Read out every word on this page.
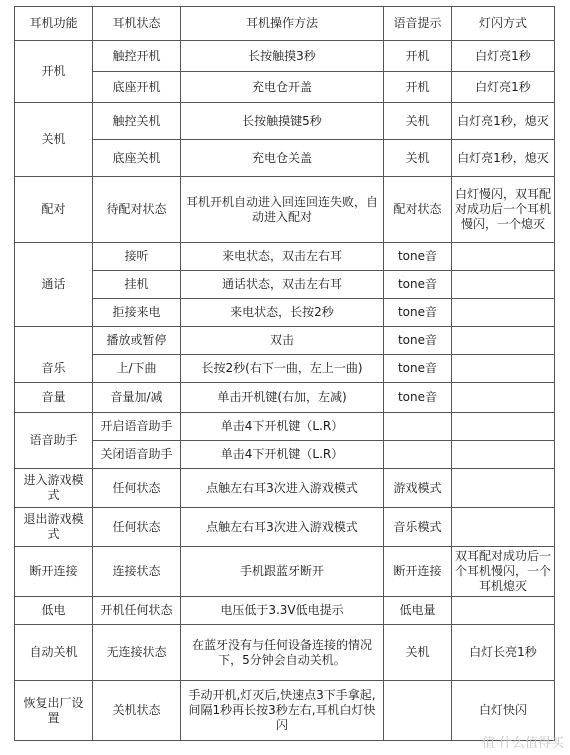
耳机功能	耳机状态	耳机操作方法	语音提示	灯闪方式
开机	触控开机	长按触摸3秒	开机	白灯亮1秒
	底座开机	充电仓开盖	开机	白灯亮1秒
关机	触控关机	长按触摸键5秒	关机	白灯亮1秒，熄灭
	底座关机	充电仓关盖	关机	白灯亮1秒，熄灭
配对	待配对状态	耳机开机自动进入回连回连失败，自动进入配对	配对状态	白灯慢闪，双耳配对成功后一个耳机慢闪，一个熄灭
通话	接听	来电状态，双击左右耳	tone音	
	挂机	通话状态，双击左右耳	tone音	
	拒接来电	来电状态，长按2秒	tone音	
音乐	播放或暂停	双击	tone音	
	上/下曲	长按2秒(右下一曲，左上一曲)	tone音	
音量	音量加/减	单击开机键(右加，左减)	tone音	
语音助手	开启语音助手	单击4下开机键（L.R）		
	关闭语音助手	单击4下开机键（L.R）		
进入游戏模式	任何状态	点触左右耳3次进入游戏模式	游戏模式	
退出游戏模式	任何状态	点触左右耳3次进入游戏模式	音乐模式	
断开连接	连接状态	手机跟蓝牙断开	断开连接	双耳配对成功后一个耳机慢闪，一个耳机熄灭
低电	开机任何状态	电压低于3.3V低电提示	低电量	
自动关机	无连接状态	在蓝牙没有与任何设备连接的情况下，5分钟会自动关机。	关机	白灯长亮1秒
恢复出厂设置	关机状态	手动开机,灯灭后,快速点3下手拿起,间隔1秒再长按3秒左右,耳机白灯快闪		白灯快闪
值 什么值得买
